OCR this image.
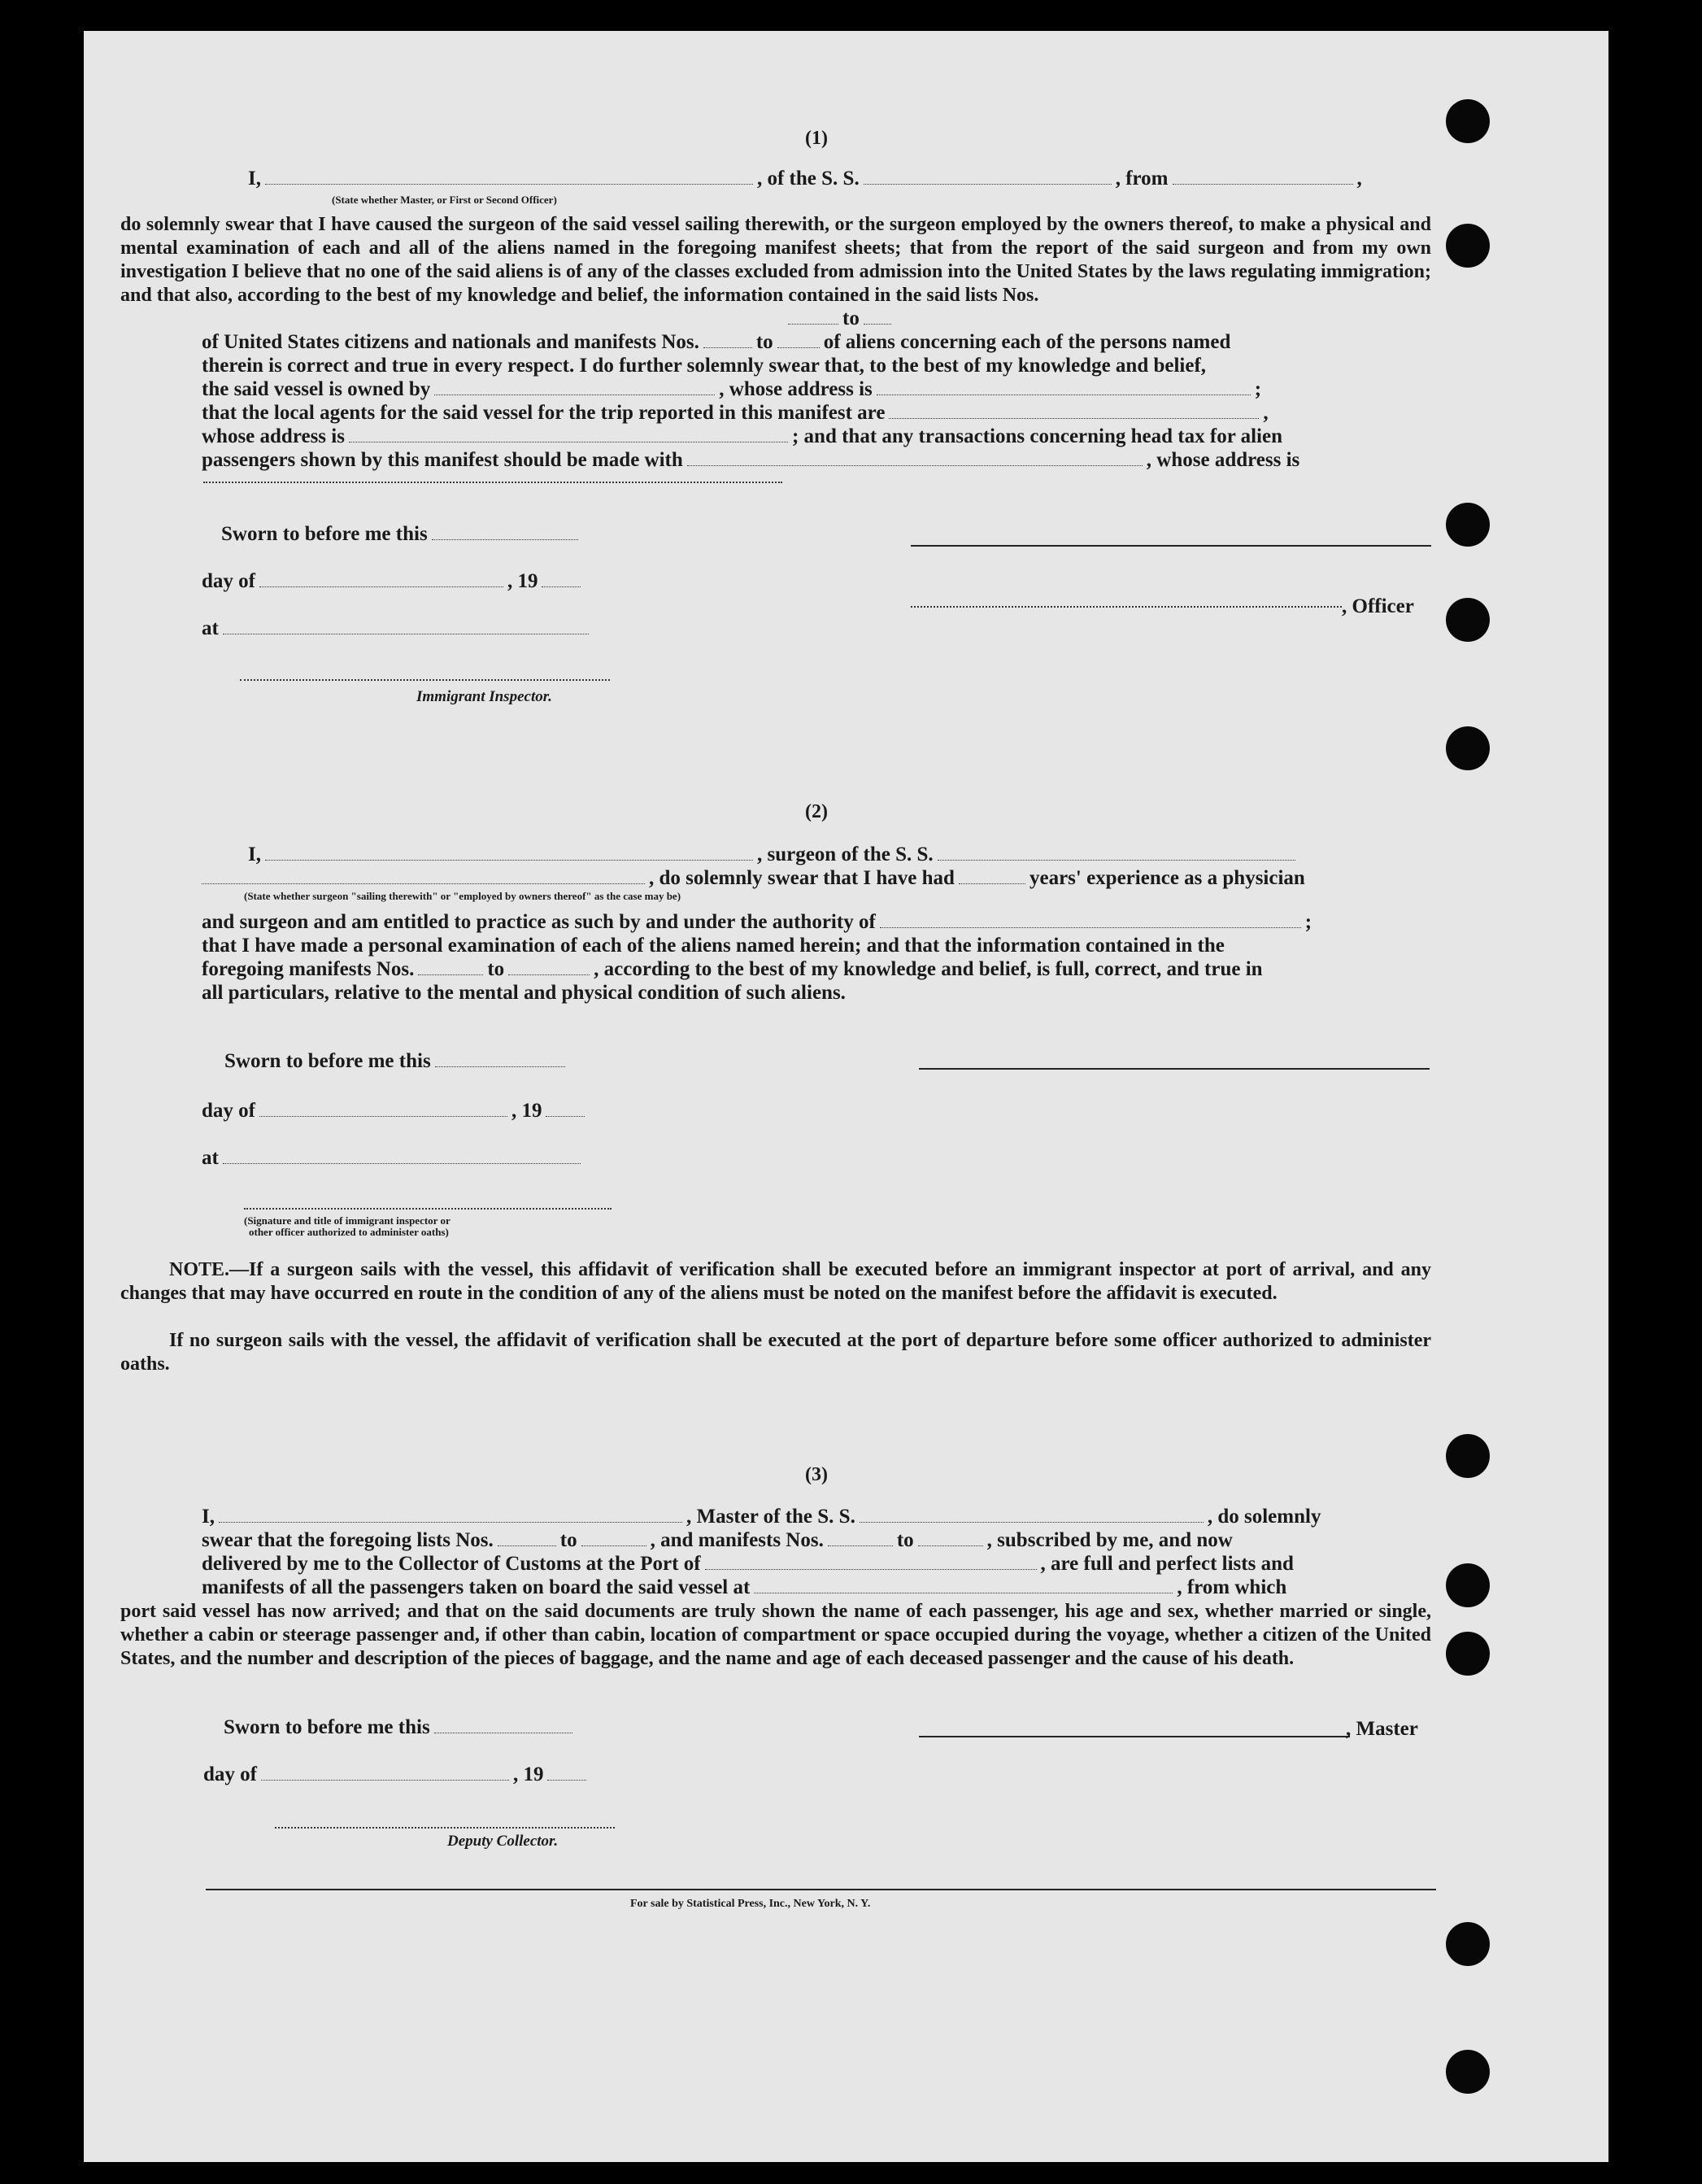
(1)
I,	, of the S. S.	, from	,
(State whether Master, or First or Second Officer)
do solemnly swear that I have caused the surgeon of the said vessel sailing therewith, or the surgeon employed by the owners thereof, to make a physical and mental examination of each and all of the aliens named in the foregoing manifest sheets; that from the report of the said surgeon and from my own investigation I believe that no one of the said aliens is of any of the classes excluded from admission into the United States by the laws regulating immigration; and that also, according to the best of my knowledge and belief, the information contained in the said lists Nos.
to
of United States citizens and nationals and manifests Nos.	to of aliens concerning each of the persons named
therein is correct and true in every respect. I do further solemnly swear that, to the best of my knowledge and belief,
the said vessel is owned by	, whose address is	;
that the local agents for the said vessel for the trip reported in this manifest are	,
whose address is	; and that any transactions concerning head tax for alien
passengers shown by this manifest should be made with	, whose address is
Sworn to before me this
day of	, 19
at
Immigrant Inspector.
, Officer
(2)
I,	, surgeon of the S. S.
, do solemnly swear that I have had	years' experience as a physician
(State whether surgeon "sailing therewith" or "employed by owners thereof" as the case may be)
and surgeon and am entitled to practice as such by and under the authority of	;
that I have made a personal examination of each of the aliens named herein; and that the information contained in the
foregoing manifests Nos.	to	, according to the best of my knowledge and belief, is full, correct, and true in
all particulars, relative to the mental and physical condition of such aliens.
Sworn to before me this
day of	, 19
at
(Signature and title of immigrant inspector or
other officer authorized to administer oaths)
NOTE.—If a surgeon sails with the vessel, this affidavit of verification shall be executed before an immigrant inspector at port of arrival, and any changes that may have occurred en route in the condition of any of the aliens must be noted on the manifest before the affidavit is executed.
If no surgeon sails with the vessel, the affidavit of verification shall be executed at the port of departure before some officer authorized to administer oaths.
(3)
I,	, Master of the S. S.	, do solemnly
swear that the foregoing lists Nos.	to	, and manifests Nos.	to	, subscribed by me, and now
delivered by me to the Collector of Customs at the Port of	, are full and perfect lists and
manifests of all the passengers taken on board the said vessel at	, from which
port said vessel has now arrived; and that on the said documents are truly shown the name of each passenger, his age and sex, whether married or single, whether a cabin or steerage passenger and, if other than cabin, location of compartment or space occupied during the voyage, whether a citizen of the United States, and the number and description of the pieces of baggage, and the name and age of each deceased passenger and the cause of his death.
Sworn to before me this	, Master
day of	, 19
Deputy Collector.
For sale by Statistical Press, Inc., New York, N. Y.
